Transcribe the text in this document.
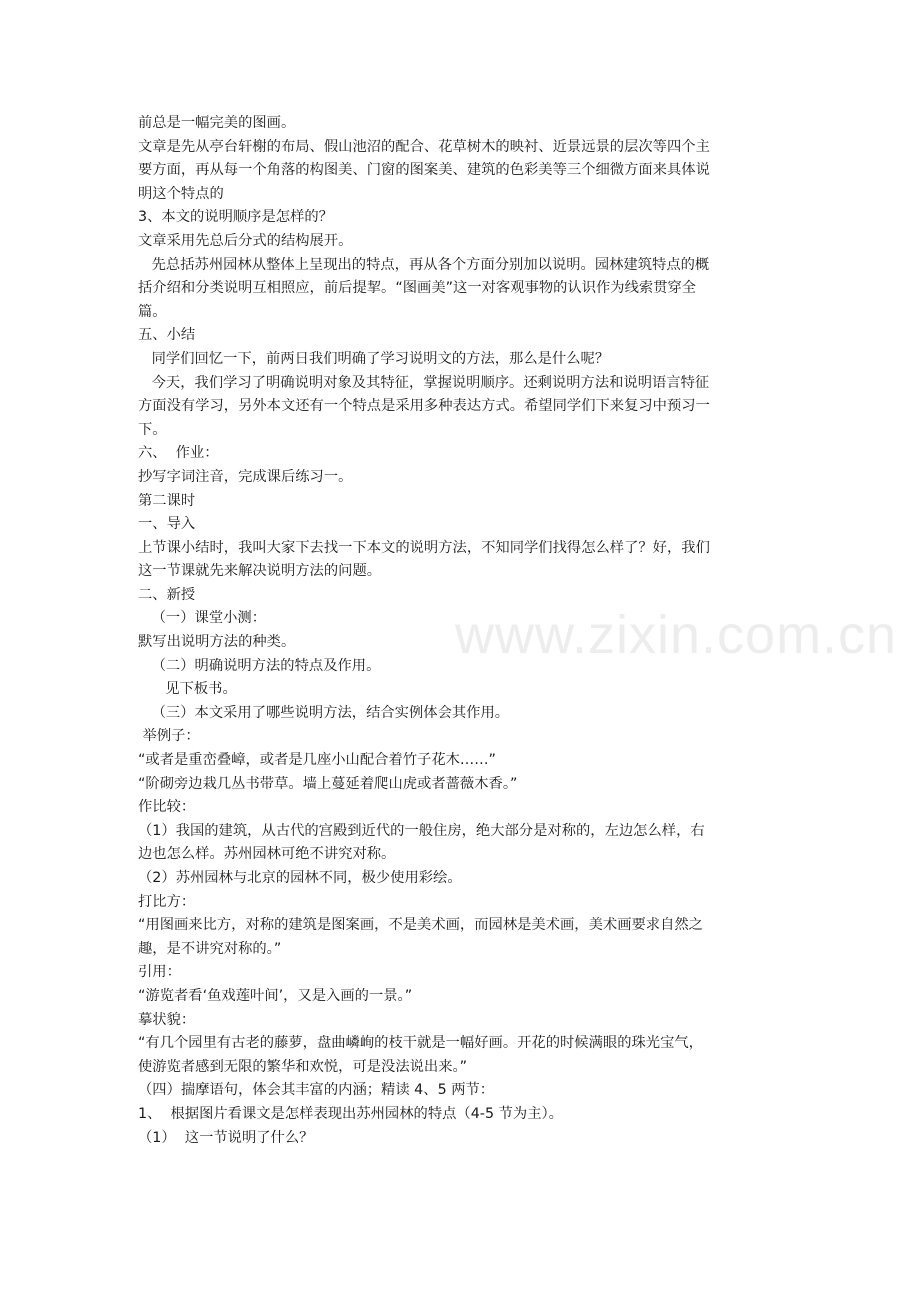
www.zixin.com.cn
前总是一幅完美的图画。
文章是先从亭台轩榭的布局、假山池沼的配合、花草树木的映衬、近景远景的层次等四个主
要方面，再从每一个角落的构图美、门窗的图案美、建筑的色彩美等三个细微方面来具体说
明这个特点的
3、本文的说明顺序是怎样的？
文章采用先总后分式的结构展开。
先总括苏州园林从整体上呈现出的特点，再从各个方面分别加以说明。园林建筑特点的概
括介绍和分类说明互相照应，前后提挈。“图画美”这一对客观事物的认识作为线索贯穿全
篇。
五、小结
同学们回忆一下，前两日我们明确了学习说明文的方法，那么是什么呢？
今天，我们学习了明确说明对象及其特征，掌握说明顺序。还剩说明方法和说明语言特征
方面没有学习，另外本文还有一个特点是采用多种表达方式。希望同学们下来复习中预习一
下。
六、  作业：
抄写字词注音，完成课后练习一。
第二课时
一、导入
上节课小结时，我叫大家下去找一下本文的说明方法，不知同学们找得怎么样了？好，我们
这一节课就先来解决说明方法的问题。
二、新授
（一）课堂小测：
默写出说明方法的种类。
（二）明确说明方法的特点及作用。
见下板书。
（三）本文采用了哪些说明方法，结合实例体会其作用。
举例子：
“或者是重峦叠嶂，或者是几座小山配合着竹子花木……”
“阶砌旁边栽几丛书带草。墙上蔓延着爬山虎或者蔷薇木香。”
作比较：
（1）我国的建筑，从古代的宫殿到近代的一般住房，绝大部分是对称的，左边怎么样，右
边也怎么样。苏州园林可绝不讲究对称。
（2）苏州园林与北京的园林不同，极少使用彩绘。
打比方：
“用图画来比方，对称的建筑是图案画，不是美术画，而园林是美术画，美术画要求自然之
趣，是不讲究对称的。”
引用：
“游览者看‘鱼戏莲叶间’，又是入画的一景。”
摹状貌：
“有几个园里有古老的藤萝，盘曲嶙峋的枝干就是一幅好画。开花的时候满眼的珠光宝气，
使游览者感到无限的繁华和欢悦，可是没法说出来。”
（四）揣摩语句，体会其丰富的内涵；精读 4、5 两节：
1、  根据图片看课文是怎样表现出苏州园林的特点（4-5 节为主）。
（1）  这一节说明了什么？
